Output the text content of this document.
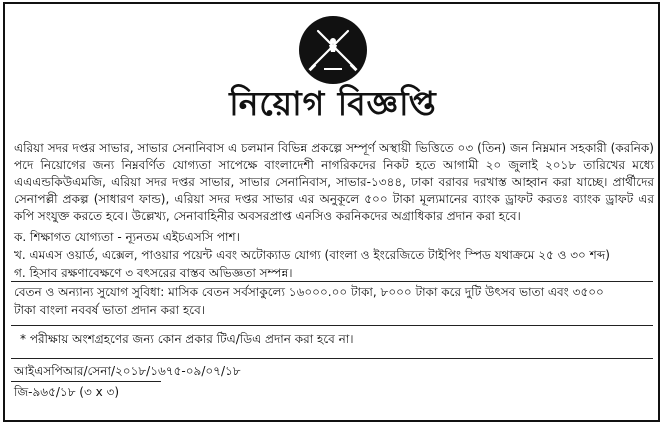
নিয়োগ বিজ্ঞপ্তি

এরিয়া সদর দপ্তর সাভার, সাভার সেনানিবাস এ চলমান বিভিন্ন প্রকল্পে সম্পূর্ণ অস্থায়ী ভিত্তিতে ০৩ (তিন) জন নিম্নমান সহকারী (করনিক) পদে নিয়োগের জন্য নিম্নবর্ণিত যোগ্যতা সাপেক্ষে বাংলাদেশী নাগরিকদের নিকট হতে আগামী ২০ জুলাই ২০১৮ তারিখের মধ্যে এএএন্ডকিউএমজি, এরিয়া সদর দপ্তর সাভার, সাভার সেনানিবাস, সাভার-১৩৪৪, ঢাকা বরাবর দরখাস্ত আহ্বান করা যাচ্ছে। প্রার্থীদের সেনাপল্লী প্রকল্প (সাধারণ ফান্ড), এরিয়া সদর দপ্তর সাভার এর অনুকূলে ৫০০ টাকা মূল্যমানের ব্যাংক ড্রাফট করতঃ ব্যাংক ড্রাফট এর কপি সংযুক্ত করতে হবে। উল্লেখ্য, সেনাবাহিনীর অবসরপ্রাপ্ত এনসিও করনিকদের অগ্রাধিকার প্রদান করা হবে।

ক. শিক্ষাগত যোগ্যতা - ন্যূনতম এইচএসসি পাশ।
খ. এমএস ওয়ার্ড, এক্সেল, পাওয়ার পয়েন্ট এবং অটোক্যাড যোগ্য (বাংলা ও ইংরেজিতে টাইপিং স্পিড যথাক্রমে ২৫ ও ৩০ শব্দ)
গ. হিসাব রক্ষণাবেক্ষণে ৩ বৎসরের বাস্তব অভিজ্ঞতা সম্পন্ন।
বেতন ও অন্যান্য সুযোগ সুবিধা: মাসিক বেতন সর্বসাকুল্যে ১৬০০০.০০ টাকা, ৮০০০ টাকা করে দুটি উৎসব ভাতা এবং ৩৫০০
টাকা বাংলা নববর্ষ ভাতা প্রদান করা হবে।
* পরীক্ষায় অংশগ্রহণের জন্য কোন প্রকার টিএ/ডিএ প্রদান করা হবে না।
আইএসপিআর/সেনা/২০১৮/১৬৭৫-০৯/০৭/১৮
জি-৯৬৫/১৮ (৩ x ৩)
